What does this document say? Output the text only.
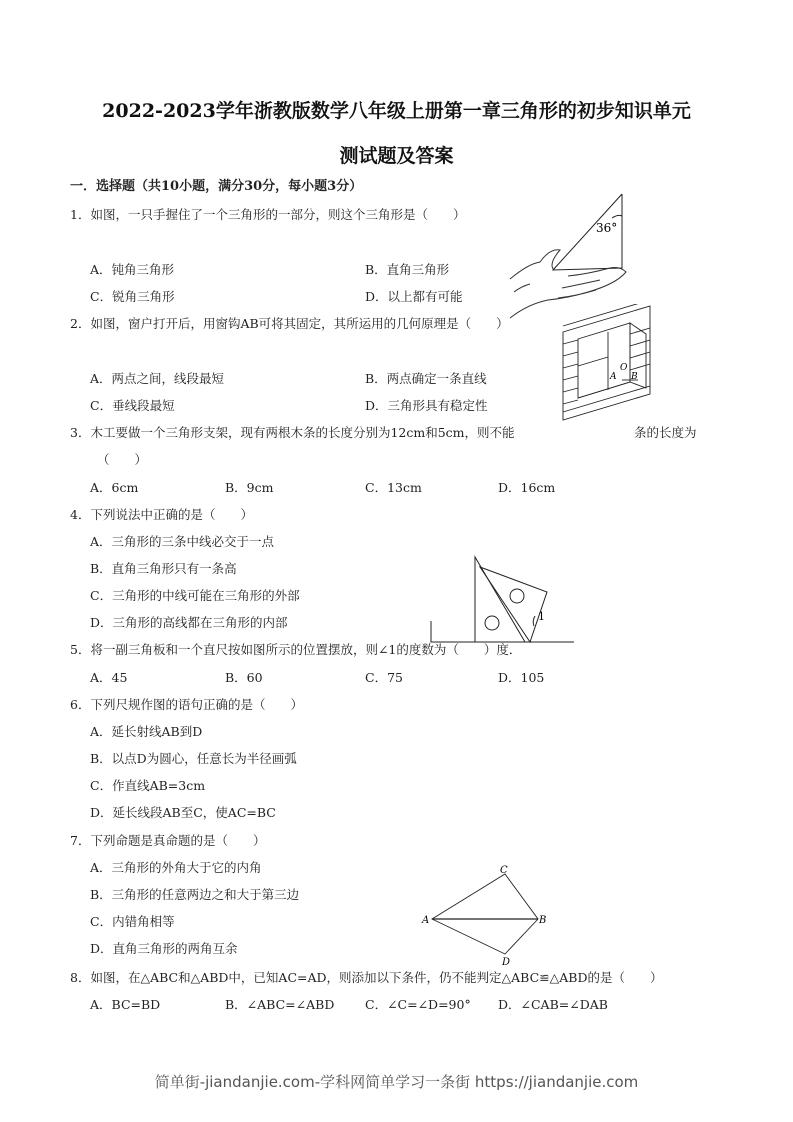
2022-2023学年浙教版数学八年级上册第一章三角形的初步知识单元
测试题及答案
一．选择题（共10小题，满分30分，每小题3分）
1．如图，一只手握住了一个三角形的一部分，则这个三角形是（　　）
A．钝角三角形	B．直角三角形
C．锐角三角形	D．以上都有可能
2．如图，窗户打开后，用窗钩AB可将其固定，其所运用的几何原理是（　　）
A．两点之间，线段最短	B．两点确定一条直线
C．垂线段最短	D．三角形具有稳定性
3．木工要做一个三角形支架，现有两根木条的长度分别为12cm和5cm，则不能	条的长度为
（　　）
A．6cm	B．9cm	C．13cm	D．16cm
4．下列说法中正确的是（　　）
A．三角形的三条中线必交于一点
B．直角三角形只有一条高
C．三角形的中线可能在三角形的外部
D．三角形的高线都在三角形的内部
5．将一副三角板和一个直尺按如图所示的位置摆放，则∠1的度数为（　　）度．
A．45	B．60	C．75	D．105
6．下列尺规作图的语句正确的是（　　）
A．延长射线AB到D
B．以点D为圆心，任意长为半径画弧
C．作直线AB=3cm
D．延长线段AB至C，使AC=BC
7．下列命题是真命题的是（　　）
A．三角形的外角大于它的内角
B．三角形的任意两边之和大于第三边
C．内错角相等
D．直角三角形的两角互余
8．如图，在△ABC和△ABD中，已知AC=AD，则添加以下条件，仍不能判定△ABC≌△ABD的是（　　）
A．BC=BD	B．∠ABC=∠ABD C．∠C=∠D=90° D．∠CAB=∠DAB
36°
A
O
B
1
A	B
C
D
简单街-jiandanjie.com-学科网简单学习一条街 https://jiandanjie.com
